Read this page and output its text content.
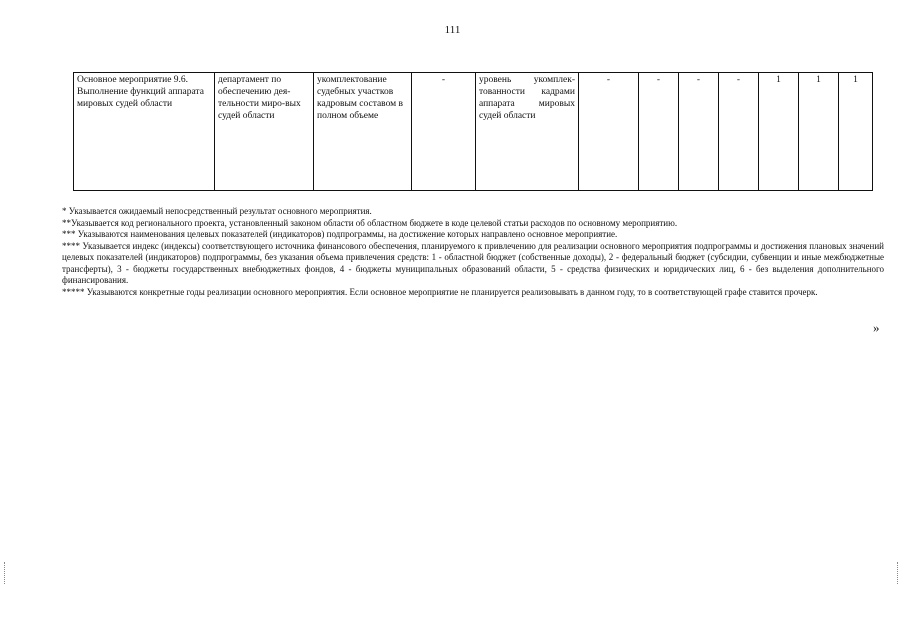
111
Основное мероприятие 9.6. Выполнение функций аппарата мировых судей области	департамент по обеспечению дея-тельности миро-вых судей области	укомплектование судебных участков кадровым составом в полном объеме	-	уровень укомплек-тованности кадрами аппарата мировых судей области	-	-	-	-	1	1	1

* Указывается ожидаемый непосредственный результат основного мероприятия.

**Указывается код регионального проекта, установленный законом области об областном бюджете в коде целевой статьи расходов по основному мероприятию.

*** Указываются наименования целевых показателей (индикаторов) подпрограммы, на достижение которых направлено основное мероприятие.

**** Указывается индекс (индексы) соответствующего источника финансового обеспечения, планируемого к привлечению для реализации основного мероприятия подпрограммы и достижения плановых значений целевых показателей (индикаторов) подпрограммы, без указания объема привлечения средств: 1 - областной бюджет (собственные доходы), 2 - федеральный бюджет (субсидии, субвенции и иные межбюджетные трансферты), 3 - бюджеты государственных внебюджетных фондов, 4 - бюджеты муниципальных образований области, 5 - средства физических и юридических лиц, 6 - без выделения дополнительного финансирования.

***** Указываются конкретные годы реализации основного мероприятия. Если основное мероприятие не планируется реализовывать в данном году, то в соответствующей графе ставится прочерк.

»
